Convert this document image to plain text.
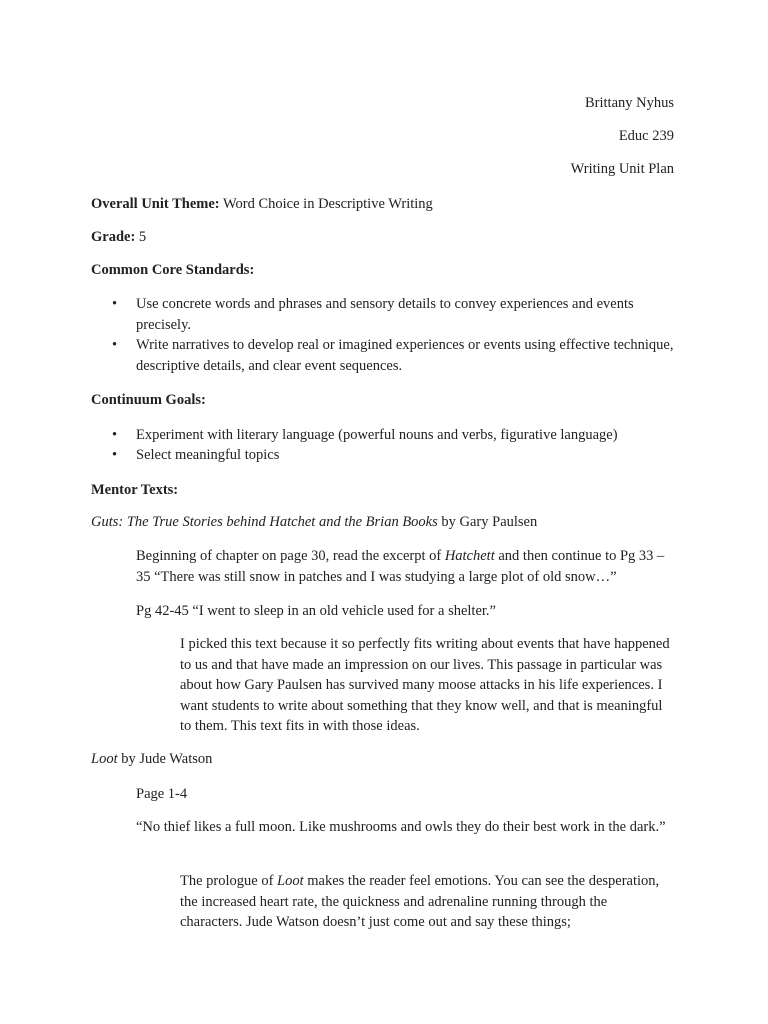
Brittany Nyhus
Educ 239
Writing Unit Plan
Overall Unit Theme: Word Choice in Descriptive Writing
Grade: 5
Common Core Standards:
•	Use concrete words and phrases and sensory details to convey experiences and events precisely.
•	Write narratives to develop real or imagined experiences or events using effective technique, descriptive details, and clear event sequences.
Continuum Goals:
•	Experiment with literary language (powerful nouns and verbs, figurative language)
•	Select meaningful topics
Mentor Texts:
Guts: The True Stories behind Hatchet and the Brian Books by Gary Paulsen
Beginning of chapter on page 30, read the excerpt of Hatchett and then continue to Pg 33 – 35 “There was still snow in patches and I was studying a large plot of old snow…”
Pg 42-45 “I went to sleep in an old vehicle used for a shelter.”
I picked this text because it so perfectly fits writing about events that have happened to us and that have made an impression on our lives. This passage in particular was about how Gary Paulsen has survived many moose attacks in his life experiences. I want students to write about something that they know well, and that is meaningful to them. This text fits in with those ideas.
Loot by Jude Watson
Page 1-4
“No thief likes a full moon. Like mushrooms and owls they do their best work in the dark.”
The prologue of Loot makes the reader feel emotions. You can see the desperation, the increased heart rate, the quickness and adrenaline running through the characters. Jude Watson doesn’t just come out and say these things;
